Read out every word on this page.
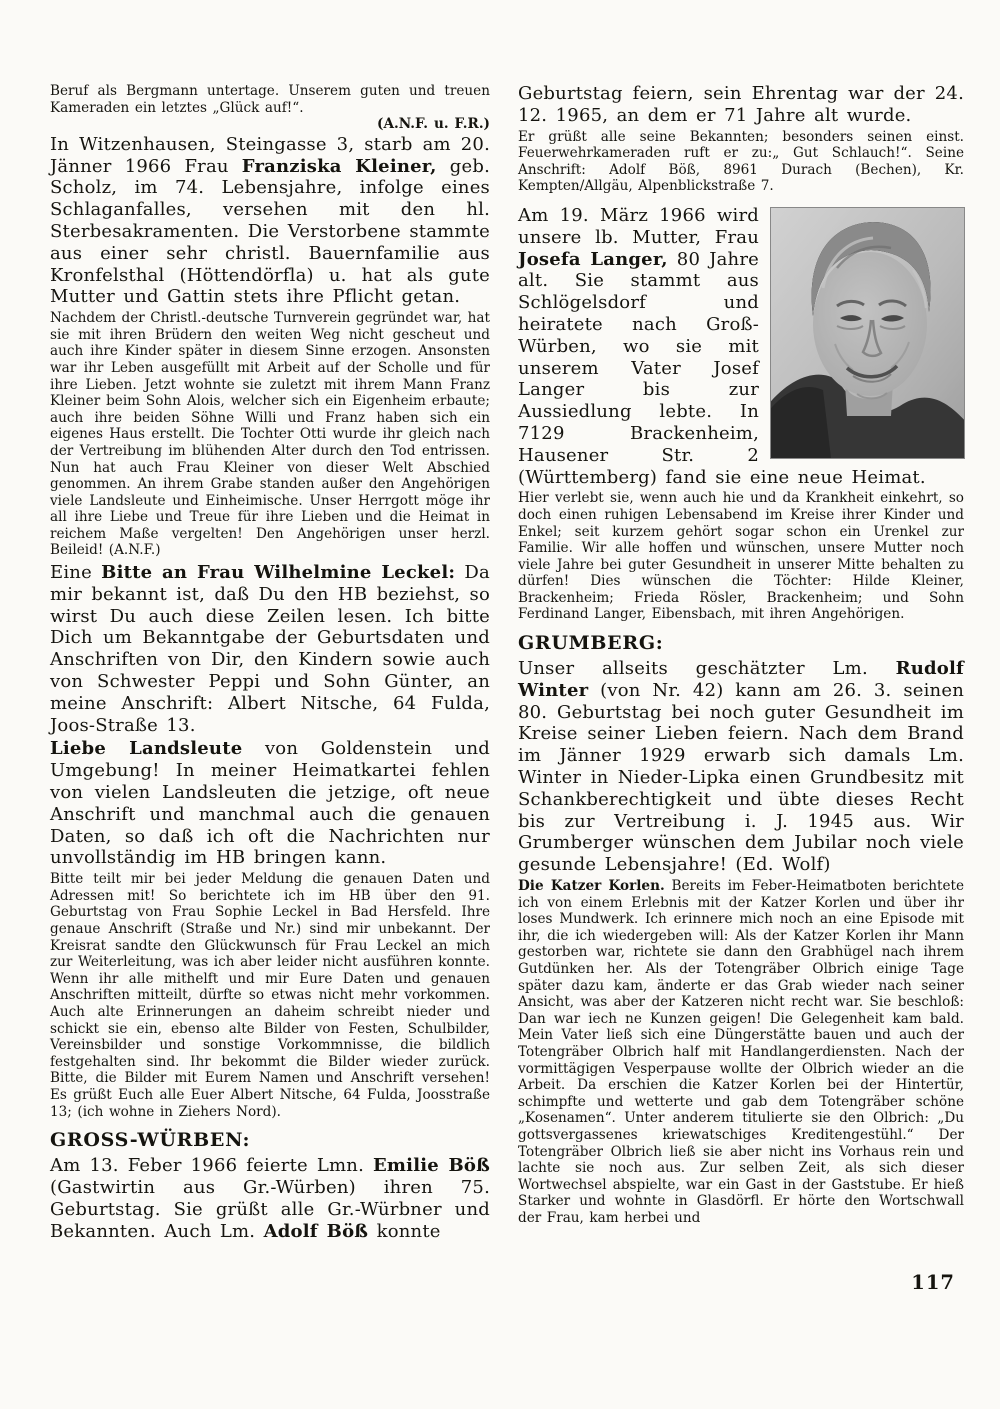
Beruf als Bergmann untertage. Unserem guten und treuen Kameraden ein letztes „Glück auf!“.

(A.N.F. u. F.R.)

In Witzenhausen, Steingasse 3, starb am 20. Jänner 1966 Frau Franziska Kleiner, geb. Scholz, im 74. Lebensjahre, infolge eines Schlaganfalles, versehen mit den hl. Sterbesakramenten. Die Verstorbene stammte aus einer sehr christl. Bauernfamilie aus Kronfelsthal (Höttendörfla) u. hat als gute Mutter und Gattin stets ihre Pflicht getan.

Nachdem der Christl.-deutsche Turnverein gegründet war, hat sie mit ihren Brüdern den weiten Weg nicht gescheut und auch ihre Kinder später in diesem Sinne erzogen. Ansonsten war ihr Leben ausgefüllt mit Arbeit auf der Scholle und für ihre Lieben. Jetzt wohnte sie zuletzt mit ihrem Mann Franz Kleiner beim Sohn Alois, welcher sich ein Eigenheim erbaute; auch ihre beiden Söhne Willi und Franz haben sich ein eigenes Haus erstellt. Die Tochter Otti wurde ihr gleich nach der Vertreibung im blühenden Alter durch den Tod entrissen. Nun hat auch Frau Kleiner von dieser Welt Abschied genommen. An ihrem Grabe standen außer den Angehörigen viele Landsleute und Einheimische. Unser Herrgott möge ihr all ihre Liebe und Treue für ihre Lieben und die Heimat in reichem Maße vergelten! Den Angehörigen unser herzl. Beileid! (A.N.F.)

Eine Bitte an Frau Wilhelmine Leckel: Da mir bekannt ist, daß Du den HB beziehst, so wirst Du auch diese Zeilen lesen. Ich bitte Dich um Bekanntgabe der Geburtsdaten und Anschriften von Dir, den Kindern sowie auch von Schwester Peppi und Sohn Günter, an meine Anschrift: Albert Nitsche, 64 Fulda, Joos-Straße 13.

Liebe Landsleute von Goldenstein und Umgebung! In meiner Heimatkartei fehlen von vielen Landsleuten die jetzige, oft neue Anschrift und manchmal auch die genauen Daten, so daß ich oft die Nachrichten nur unvollständig im HB bringen kann.

Bitte teilt mir bei jeder Meldung die genauen Daten und Adressen mit! So berichtete ich im HB über den 91. Geburtstag von Frau Sophie Leckel in Bad Hersfeld. Ihre genaue Anschrift (Straße und Nr.) sind mir unbekannt. Der Kreisrat sandte den Glückwunsch für Frau Leckel an mich zur Weiterleitung, was ich aber leider nicht ausführen konnte. Wenn ihr alle mithelft und mir Eure Daten und genauen Anschriften mitteilt, dürfte so etwas nicht mehr vorkommen. Auch alte Erinnerungen an daheim schreibt nieder und schickt sie ein, ebenso alte Bilder von Festen, Schulbilder, Vereinsbilder und sonstige Vorkommnisse, die bildlich festgehalten sind. Ihr bekommt die Bilder wieder zurück. Bitte, die Bilder mit Eurem Namen und Anschrift versehen! Es grüßt Euch alle Euer Albert Nitsche, 64 Fulda, Joosstraße 13; (ich wohne in Ziehers Nord).

GROSS-WÜRBEN:

Am 13. Feber 1966 feierte Lmn. Emilie Böß (Gastwirtin aus Gr.-Würben) ihren 75. Geburtstag. Sie grüßt alle Gr.-Würbner und Bekannten. Auch Lm. Adolf Böß konnte

Geburtstag feiern, sein Ehrentag war der 24. 12. 1965, an dem er 71 Jahre alt wurde.

Er grüßt alle seine Bekannten; besonders seinen einst. Feuerwehrkameraden ruft er zu:„ Gut Schlauch!“. Seine Anschrift: Adolf Böß, 8961 Durach (Bechen), Kr. Kempten/Allgäu, Alpenblickstraße 7.

Am 19. März 1966 wird unsere lb. Mutter, Frau Josefa Langer, 80 Jahre alt. Sie stammt aus Schlögelsdorf und heiratete nach Groß-Würben, wo sie mit unserem Vater Josef Langer bis zur Aussiedlung lebte. In 7129 Brackenheim, Hausener Str. 2 (Württemberg) fand sie eine neue Heimat.

Hier verlebt sie, wenn auch hie und da Krankheit einkehrt, so doch einen ruhigen Lebensabend im Kreise ihrer Kinder und Enkel; seit kurzem gehört sogar schon ein Urenkel zur Familie. Wir alle hoffen und wünschen, unsere Mutter noch viele Jahre bei guter Gesundheit in unserer Mitte behalten zu dürfen! Dies wünschen die Töchter: Hilde Kleiner, Brackenheim; Frieda Rösler, Brackenheim; und Sohn Ferdinand Langer, Eibensbach, mit ihren Angehörigen.

GRUMBERG:

Unser allseits geschätzter Lm. Rudolf Winter (von Nr. 42) kann am 26. 3. seinen 80. Geburtstag bei noch guter Gesundheit im Kreise seiner Lieben feiern. Nach dem Brand im Jänner 1929 erwarb sich damals Lm. Winter in Nieder-Lipka einen Grundbesitz mit Schankberechtigkeit und übte dieses Recht bis zur Vertreibung i. J. 1945 aus. Wir Grumberger wünschen dem Jubilar noch viele gesunde Lebensjahre! (Ed. Wolf)

Die Katzer Korlen. Bereits im Feber-Heimatboten berichtete ich von einem Erlebnis mit der Katzer Korlen und über ihr loses Mundwerk. Ich erinnere mich noch an eine Episode mit ihr, die ich wiedergeben will: Als der Katzer Korlen ihr Mann gestorben war, richtete sie dann den Grabhügel nach ihrem Gutdünken her. Als der Totengräber Olbrich einige Tage später dazu kam, änderte er das Grab wieder nach seiner Ansicht, was aber der Katzeren nicht recht war. Sie beschloß: Dan war iech ne Kunzen geigen! Die Gelegenheit kam bald. Mein Vater ließ sich eine Düngerstätte bauen und auch der Totengräber Olbrich half mit Handlangerdiensten. Nach der vormittägigen Vesperpause wollte der Olbrich wieder an die Arbeit. Da erschien die Katzer Korlen bei der Hintertür, schimpfte und wetterte und gab dem Totengräber schöne „Kosenamen“. Unter anderem titulierte sie den Olbrich: „Du gottsvergassenes kriewatschiges Kreditengestühl.“ Der Totengräber Olbrich ließ sie aber nicht ins Vorhaus rein und lachte sie noch aus. Zur selben Zeit, als sich dieser Wortwechsel abspielte, war ein Gast in der Gaststube. Er hieß Starker und wohnte in Glasdörfl. Er hörte den Wortschwall der Frau, kam herbei und

117
